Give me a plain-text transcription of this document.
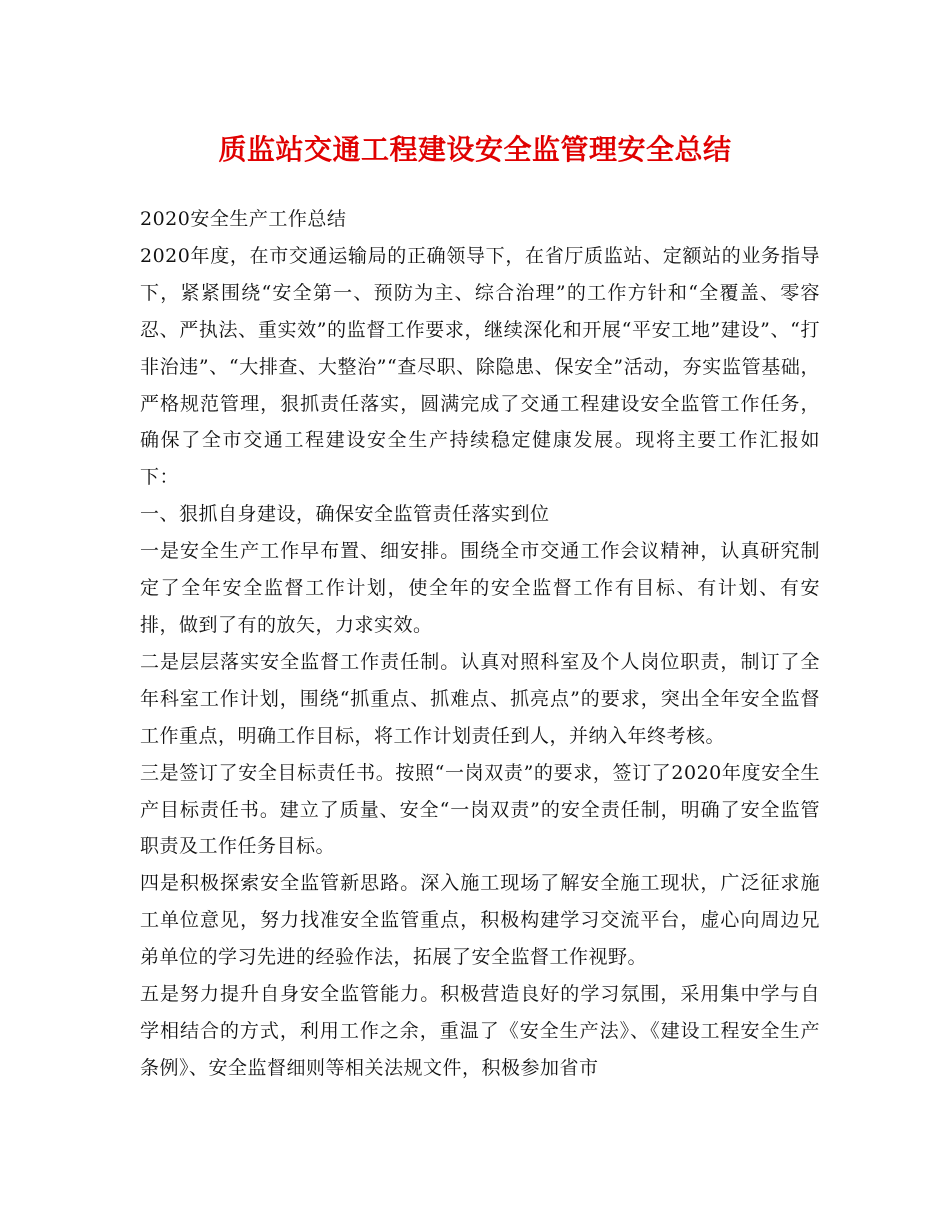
质监站交通工程建设安全监管理安全总结

2020安全生产工作总结

2020年度，在市交通运输局的正确领导下，在省厅质监站、定额站的业务指导下，紧紧围绕“安全第一、预防为主、综合治理”的工作方针和“全覆盖、零容忍、严执法、重实效”的监督工作要求，继续深化和开展“平安工地”建设”、“打非治违”、“大排查、大整治”“查尽职、除隐患、保安全”活动，夯实监管基础，严格规范管理，狠抓责任落实，圆满完成了交通工程建设安全监管工作任务，确保了全市交通工程建设安全生产持续稳定健康发展。现将主要工作汇报如下：

一、狠抓自身建设，确保安全监管责任落实到位

一是安全生产工作早布置、细安排。围绕全市交通工作会议精神，认真研究制定了全年安全监督工作计划，使全年的安全监督工作有目标、有计划、有安排，做到了有的放矢，力求实效。

二是层层落实安全监督工作责任制。认真对照科室及个人岗位职责，制订了全年科室工作计划，围绕“抓重点、抓难点、抓亮点”的要求，突出全年安全监督工作重点，明确工作目标，将工作计划责任到人，并纳入年终考核。

三是签订了安全目标责任书。按照“一岗双责”的要求，签订了2020年度安全生产目标责任书。建立了质量、安全“一岗双责”的安全责任制，明确了安全监管职责及工作任务目标。

四是积极探索安全监管新思路。深入施工现场了解安全施工现状，广泛征求施工单位意见，努力找准安全监管重点，积极构建学习交流平台，虚心向周边兄弟单位的学习先进的经验作法，拓展了安全监督工作视野。

五是努力提升自身安全监管能力。积极营造良好的学习氛围，采用集中学与自学相结合的方式，利用工作之余，重温了《安全生产法》、《建设工程安全生产条例》、安全监督细则等相关法规文件，积极参加省市
